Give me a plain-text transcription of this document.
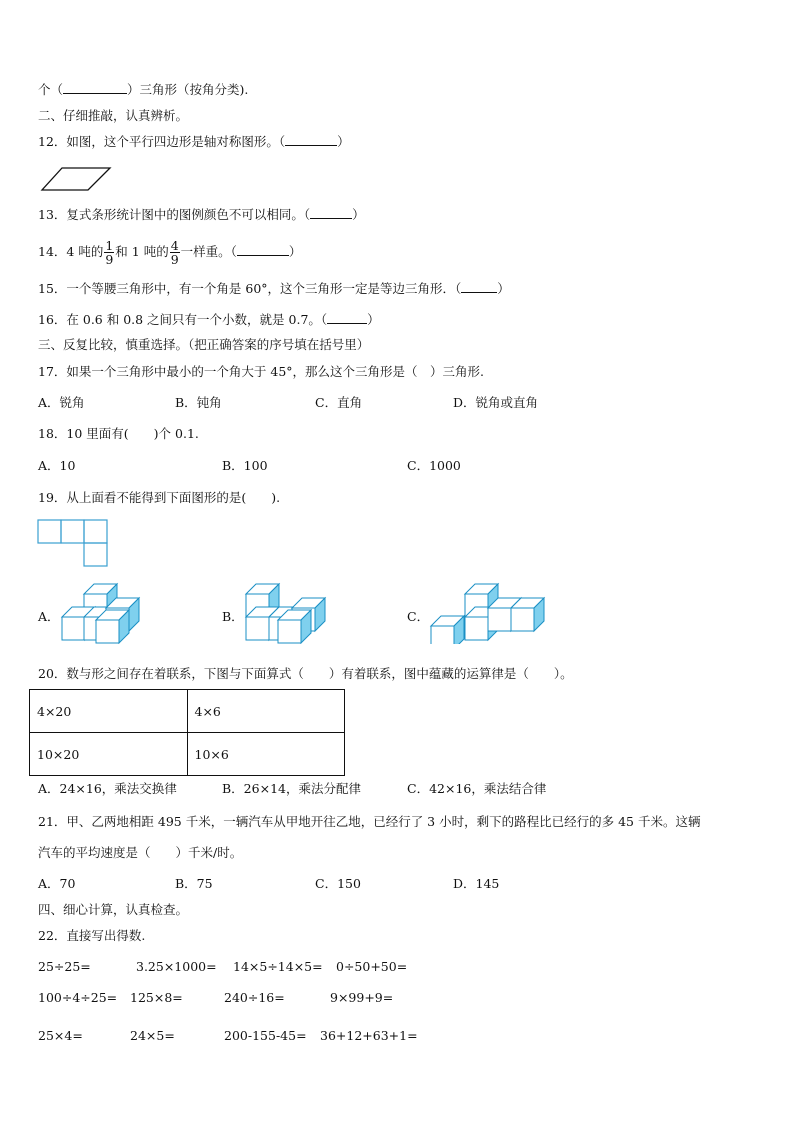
个（	）三角形（按角分类).
二、仔细推敲，认真辨析。
12．如图，这个平行四边形是轴对称图形。（	）
13．复式条形统计图中的图例颜色不可以相同。（	）
14．4 吨的 $\frac{1}{9}$ 和 1 吨的 $\frac{4}{9}$ 一样重。（	）
15．一个等腰三角形中，有一个角是 60°，这个三角形一定是等边三角形．（	）
16．在 0.6 和 0.8 之间只有一个小数，就是 0.7。（	）
三、反复比较，慎重选择。（把正确答案的序号填在括号里）
17．如果一个三角形中最小的一个角大于 45°，那么这个三角形是（　）三角形.
A．锐角	B．钝角	C．直角	D．锐角或直角
18．10 里面有(　　)个 0.1.
A．10	B．100	C．1000
19．从上面看不能得到下面图形的是(　　).
A．	B．	C．
20．数与形之间存在着联系，下图与下面算式（　　）有着联系，图中蕴藏的运算律是（　　）。
4×20	4×6
10×20	10×6
A．24×16，乘法交换律	B．26×14，乘法分配律	C．42×16，乘法结合律
21．甲、乙两地相距 495 千米，一辆汽车从甲地开往乙地，已经行了 3 小时，剩下的路程比已经行的多 45 千米。这辆
汽车的平均速度是（　　）千米/时。
A．70	B．75	C．150	D．145
四、细心计算，认真检查。
22．直接写出得数.
25÷25=	3.25×1000= 14×5÷14×5= 0÷50+50=
100÷4÷25= 125×8=	240÷16=	9×99+9=
25×4=	24×5=	200-155-45= 36+12+63+1=
